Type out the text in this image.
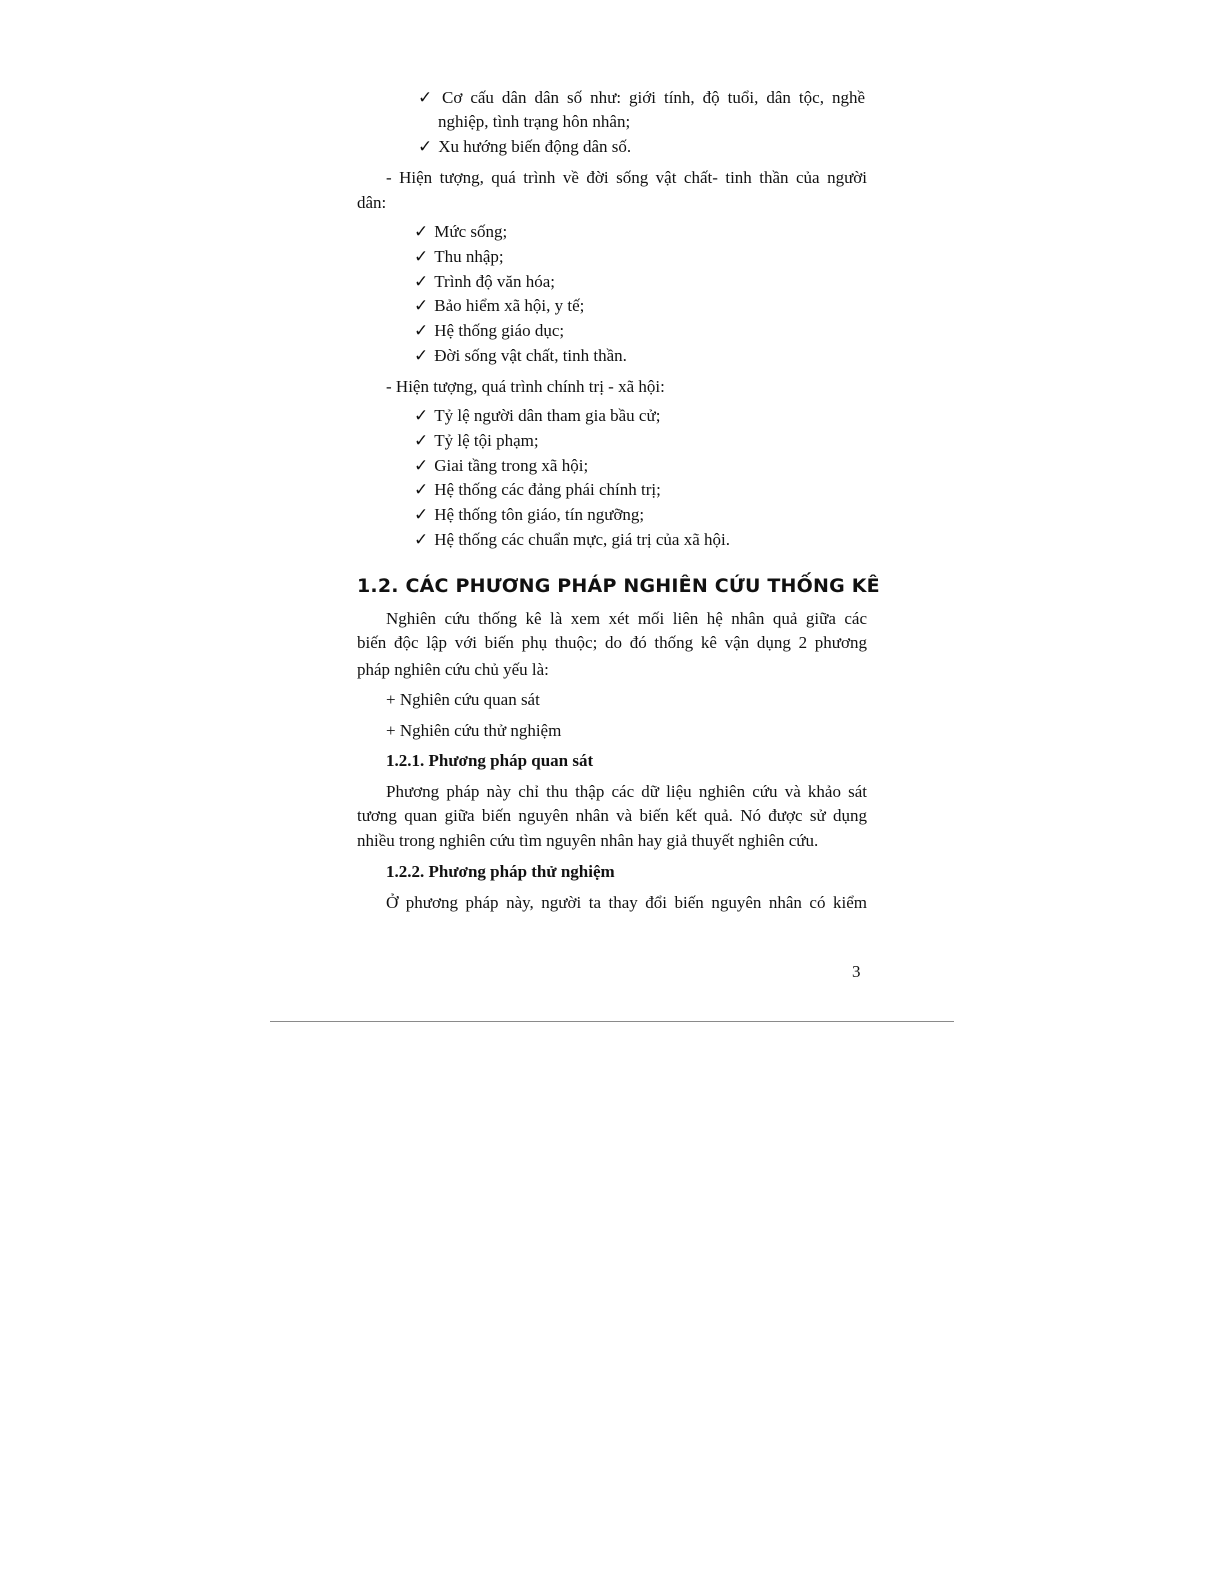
✓ Cơ cấu dân dân số như: giới tính, độ tuổi, dân tộc, nghề
nghiệp, tình trạng hôn nhân;
✓ Xu hướng biến động dân số.
- Hiện tượng, quá trình về đời sống vật chất- tinh thần của người
dân:
✓ Mức sống;
✓ Thu nhập;
✓ Trình độ văn hóa;
✓ Bảo hiểm xã hội, y tế;
✓ Hệ thống giáo dục;
✓ Đời sống vật chất, tinh thần.
- Hiện tượng, quá trình chính trị - xã hội:
✓ Tỷ lệ người dân tham gia bầu cử;
✓ Tỷ lệ tội phạm;
✓ Giai tầng trong xã hội;
✓ Hệ thống các đảng phái chính trị;
✓ Hệ thống tôn giáo, tín ngưỡng;
✓ Hệ thống các chuẩn mực, giá trị của xã hội.
1.2. CÁC PHƯƠNG PHÁP NGHIÊN CỨU THỐNG KÊ
Nghiên cứu thống kê là xem xét mối liên hệ nhân quả giữa các
biến độc lập với biến phụ thuộc; do đó thống kê vận dụng 2 phương
pháp nghiên cứu chủ yếu là:
+ Nghiên cứu quan sát
+ Nghiên cứu thử nghiệm
1.2.1. Phương pháp quan sát
Phương pháp này chỉ thu thập các dữ liệu nghiên cứu và khảo sát
tương quan giữa biến nguyên nhân và biến kết quả. Nó được sử dụng
nhiều trong nghiên cứu tìm nguyên nhân hay giả thuyết nghiên cứu.
1.2.2. Phương pháp thử nghiệm
Ở phương pháp này, người ta thay đổi biến nguyên nhân có kiểm
3
